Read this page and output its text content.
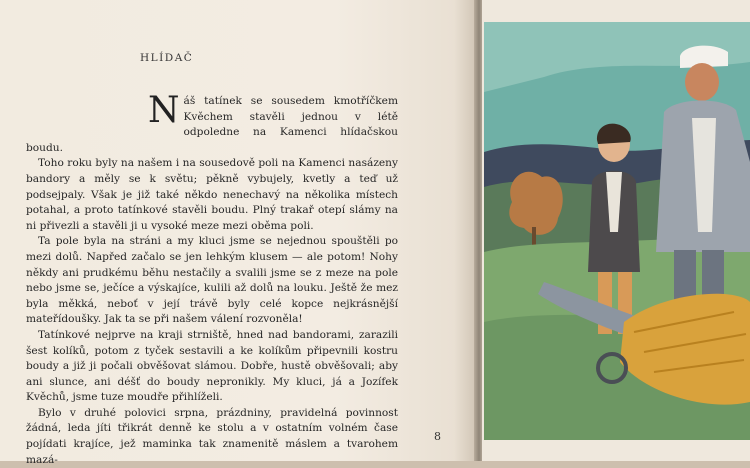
HLÍDAČ

Náš tatínek se sousedem kmotříčkem Kvěchem stavěli jednou v létě odpoledne na Kamenci hlídačskou boudu.

Toho roku byly na našem i na sousedově poli na Kamenci nasázeny bandory a měly se k světu; pěkně vybujely, kvetly a teď už podsejpaly. Však je již také někdo nenechavý na několika místech potahal, a proto tatínkové stavěli boudu. Plný trakař otepí slámy na ni přivezli a stavěli ji u vysoké meze mezi oběma poli.

Ta pole byla na stráni a my kluci jsme se nejednou spouštěli po mezi dolů. Napřed začalo se jen lehkým klusem — ale potom! Nohy někdy ani prudkému běhu nestačily a svalili jsme se z meze na pole nebo jsme se, ječíce a výskajíce, kulili až dolů na louku. Ještě že mez byla měkká, neboť v její trávě byly celé kopce nejkrásnější mateřídoušky. Jak ta se při našem válení rozvoněla!

Tatínkové nejprve na kraji strniště, hned nad bandorami, zarazili šest kolíků, potom z tyček sestavili a ke kolíkům připevnili kostru boudy a již ji počali obvěšovat slámou. Dobře, hustě obvěšovali; aby ani slunce, ani déšť do boudy nepronikly. My kluci, já a Jozífek Kvěchů, jsme tuze moudře přihlíželi.

Bylo v druhé polovici srpna, prázdniny, pravidelná povinnost žádná, leda jíti třikrát denně ke stolu a v ostatním volném čase pojídati krajíce, jež maminka tak znamenitě máslem a tvarohem mazá-

8
